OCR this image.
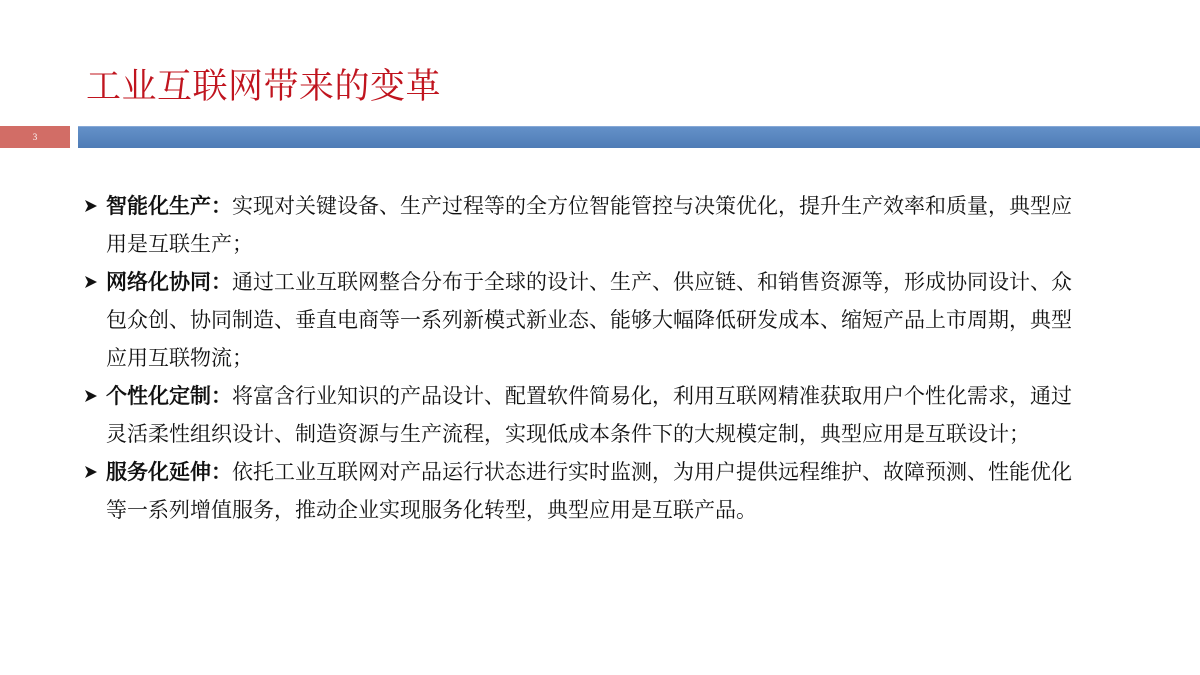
工业互联网带来的变革
3
智能化生产：实现对关键设备、生产过程等的全方位智能管控与决策优化，提升生产效率和质量，典型应用是互联生产；
网络化协同：通过工业互联网整合分布于全球的设计、生产、供应链、和销售资源等，形成协同设计、众包众创、协同制造、垂直电商等一系列新模式新业态、能够大幅降低研发成本、缩短产品上市周期，典型应用互联物流；
个性化定制：将富含行业知识的产品设计、配置软件简易化，利用互联网精准获取用户个性化需求，通过灵活柔性组织设计、制造资源与生产流程，实现低成本条件下的大规模定制，典型应用是互联设计；
服务化延伸：依托工业互联网对产品运行状态进行实时监测，为用户提供远程维护、故障预测、性能优化等一系列增值服务，推动企业实现服务化转型，典型应用是互联产品。
